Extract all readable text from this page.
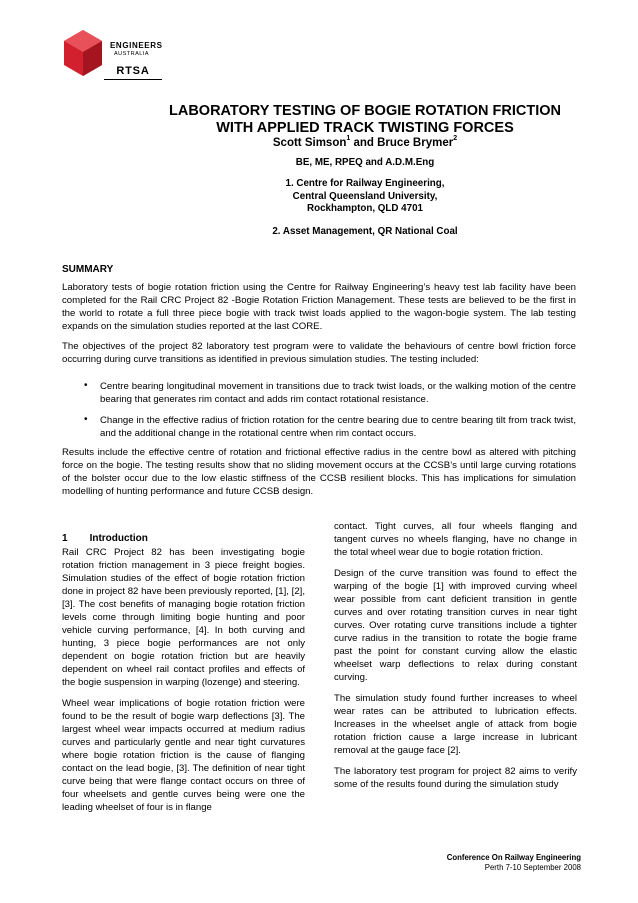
ENGINEERS
AUSTRALIA
RTSA
LABORATORY TESTING OF BOGIE ROTATION FRICTION
WITH APPLIED TRACK TWISTING FORCES
Scott Simson$^1$ and Bruce Brymer$^2$
BE, ME, RPEQ and A.D.M.Eng
1. Centre for Railway Engineering,
Central Queensland University,
Rockhampton, QLD 4701
2. Asset Management, QR National Coal
SUMMARY
Laboratory tests of bogie rotation friction using the Centre for Railway Engineering’s heavy test lab facility have been completed for the Rail CRC Project 82 -Bogie Rotation Friction Management. These tests are believed to be the first in the world to rotate a full three piece bogie with track twist loads applied to the wagon-bogie system. The lab testing expands on the simulation studies reported at the last CORE.
The objectives of the project 82 laboratory test program were to validate the behaviours of centre bowl friction force occurring during curve transitions as identified in previous simulation studies. The testing included:
• Centre bearing longitudinal movement in transitions due to track twist loads, or the walking motion of the centre bearing that generates rim contact and adds rim contact rotational resistance.
• Change in the effective radius of friction rotation for the centre bearing due to centre bearing tilt from track twist, and the additional change in the rotational centre when rim contact occurs.
Results include the effective centre of rotation and frictional effective radius in the centre bowl as altered with pitching force on the bogie. The testing results show that no sliding movement occurs at the CCSB’s until large curving rotations of the bolster occur due to the low elastic stiffness of the CCSB resilient blocks. This has implications for simulation modelling of hunting performance and future CCSB design.
1 Introduction

Rail CRC Project 82 has been investigating bogie rotation friction management in 3 piece freight bogies. Simulation studies of the effect of bogie rotation friction done in project 82 have been previously reported, [1], [2], [3]. The cost benefits of managing bogie rotation friction levels come through limiting bogie hunting and poor vehicle curving performance, [4]. In both curving and hunting, 3 piece bogie performances are not only dependent on bogie rotation friction but are heavily dependent on wheel rail contact profiles and effects of the bogie suspension in warping (lozenge) and steering.

Wheel wear implications of bogie rotation friction were found to be the result of bogie warp deflections [3]. The largest wheel wear impacts occurred at medium radius curves and particularly gentle and near tight curvatures where bogie rotation friction is the cause of flanging contact on the lead bogie, [3]. The definition of near tight curve being that were flange contact occurs on three of four wheelsets and gentle curves being were one the leading wheelset of four is in flange

contact. Tight curves, all four wheels flanging and tangent curves no wheels flanging, have no change in the total wheel wear due to bogie rotation friction.

Design of the curve transition was found to effect the warping of the bogie [1] with improved curving wheel wear possible from cant deficient transition in gentle curves and over rotating transition curves in near tight curves. Over rotating curve transitions include a tighter curve radius in the transition to rotate the bogie frame past the point for constant curving allow the elastic wheelset warp deflections to relax during constant curving.

The simulation study found further increases to wheel wear rates can be attributed to lubrication effects. Increases in the wheelset angle of attack from bogie rotation friction cause a large increase in lubricant removal at the gauge face [2].

The laboratory test program for project 82 aims to verify some of the results found during the simulation study

Conference On Railway Engineering
Perth 7-10 September 2008
